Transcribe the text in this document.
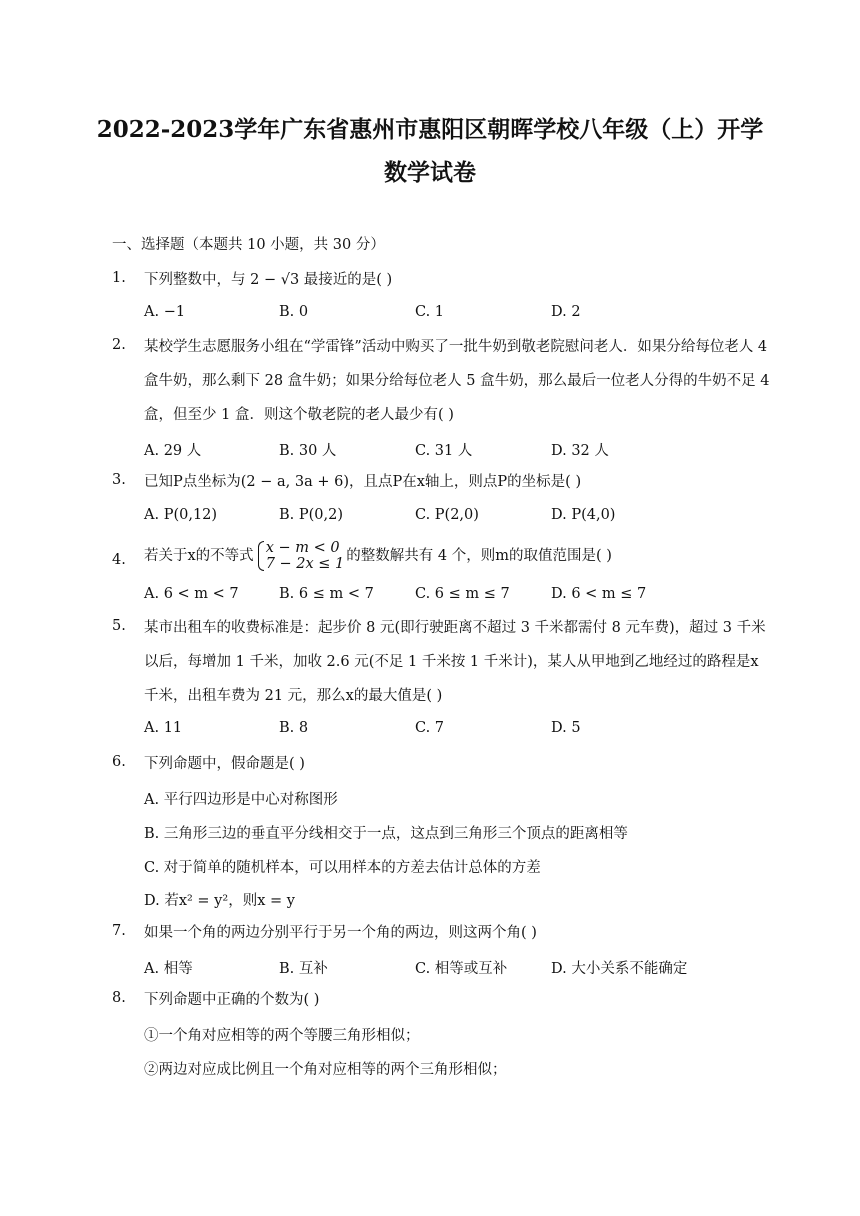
2022-2023学年广东省惠州市惠阳区朝晖学校八年级（上）开学
数学试卷
一、选择题（本题共 10 小题，共 30 分）
1.	下列整数中，与 2 − √3 最接近的是( )
A. −1	B. 0	C. 1	D. 2
2.	某校学生志愿服务小组在“学雷锋”活动中购买了一批牛奶到敬老院慰问老人．如果分给每位老人 4 盒牛奶，那么剩下 28 盒牛奶；如果分给每位老人 5 盒牛奶，那么最后一位老人分得的牛奶不足 4 盒，但至少 1 盒．则这个敬老院的老人最少有( )
A. 29 人	B. 30 人	C. 31 人	D. 32 人
3.	已知P点坐标为(2 − a, 3a + 6)，且点P在x轴上，则点P的坐标是( )
A. P(0,12)	B. P(0,2)	C. P(2,0)	D. P(4,0)
4.	若关于x的不等式 x − m < 0
7 − 2x ≤ 1 的整数解共有 4 个，则m的取值范围是( )
A. 6 < m < 7	B. 6 ≤ m < 7	C. 6 ≤ m ≤ 7	D. 6 < m ≤ 7
5.	某市出租车的收费标准是：起步价 8 元(即行驶距离不超过 3 千米都需付 8 元车费)，超过 3 千米以后，每增加 1 千米，加收 2.6 元(不足 1 千米按 1 千米计)，某人从甲地到乙地经过的路程是x千米，出租车费为 21 元，那么x的最大值是( )
A. 11	B. 8	C. 7	D. 5
6.	下列命题中，假命题是( )
A. 平行四边形是中心对称图形
B. 三角形三边的垂直平分线相交于一点，这点到三角形三个顶点的距离相等
C. 对于简单的随机样本，可以用样本的方差去估计总体的方差
D. 若x² = y²，则x = y
7.	如果一个角的两边分别平行于另一个角的两边，则这两个角( )
A. 相等	B. 互补	C. 相等或互补	D. 大小关系不能确定
8.	下列命题中正确的个数为( )
①一个角对应相等的两个等腰三角形相似；
②两边对应成比例且一个角对应相等的两个三角形相似；
